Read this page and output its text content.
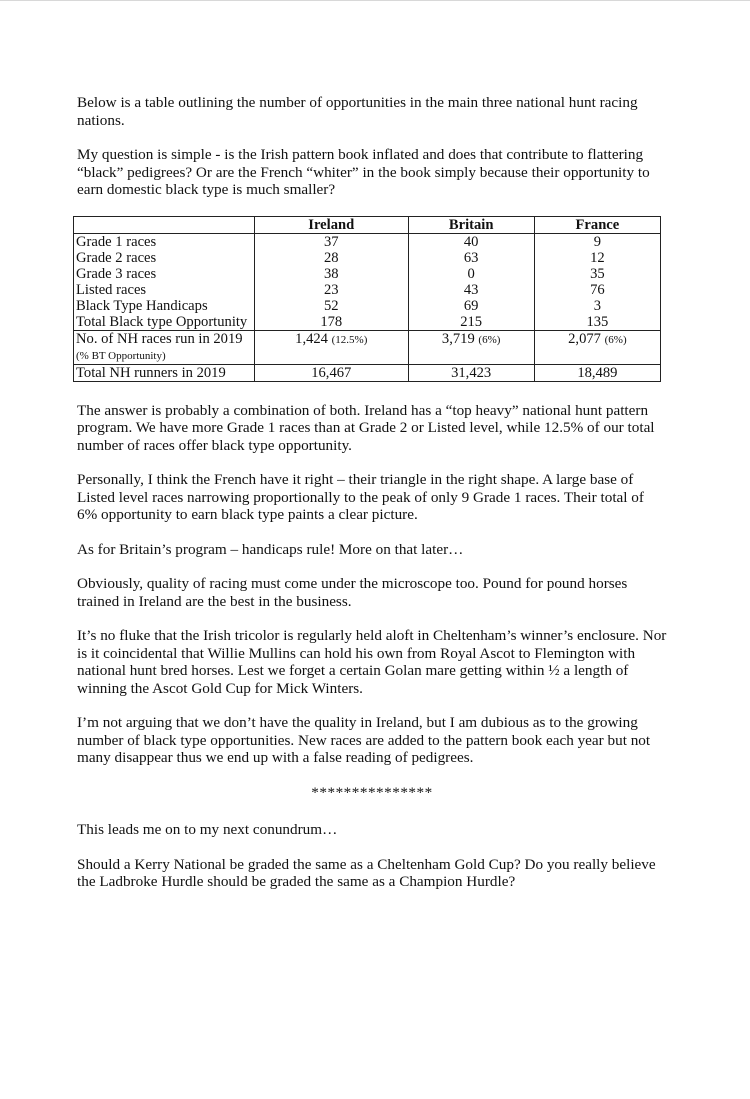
Below is a table outlining the number of opportunities in the main three national hunt racing nations.

My question is simple - is the Irish pattern book inflated and does that contribute to flattering “black” pedigrees? Or are the French “whiter” in the book simply because their opportunity to earn domestic black type is much smaller?

	Ireland	Britain	France
Grade 1 races	37	40	9
Grade 2 races	28	63	12
Grade 3 races	38	0	35
Listed races	23	43	76
Black Type Handicaps	52	69	3
Total Black type Opportunity	178	215	135
No. of NH races run in 2019 (% BT Opportunity)	1,424 (12.5%)	3,719 (6%)	2,077 (6%)
Total NH runners in 2019	16,467	31,423	18,489

The answer is probably a combination of both. Ireland has a “top heavy” national hunt pattern program. We have more Grade 1 races than at Grade 2 or Listed level, while 12.5% of our total number of races offer black type opportunity.

Personally, I think the French have it right – their triangle in the right shape. A large base of Listed level races narrowing proportionally to the peak of only 9 Grade 1 races. Their total of 6% opportunity to earn black type paints a clear picture.

As for Britain’s program – handicaps rule! More on that later…

Obviously, quality of racing must come under the microscope too. Pound for pound horses trained in Ireland are the best in the business.

It’s no fluke that the Irish tricolor is regularly held aloft in Cheltenham’s winner’s enclosure. Nor is it coincidental that Willie Mullins can hold his own from Royal Ascot to Flemington with national hunt bred horses. Lest we forget a certain Golan mare getting within ½ a length of winning the Ascot Gold Cup for Mick Winters.

I’m not arguing that we don’t have the quality in Ireland, but I am dubious as to the growing number of black type opportunities. New races are added to the pattern book each year but not many disappear thus we end up with a false reading of pedigrees.

***************

This leads me on to my next conundrum…

Should a Kerry National be graded the same as a Cheltenham Gold Cup? Do you really believe the Ladbroke Hurdle should be graded the same as a Champion Hurdle?
